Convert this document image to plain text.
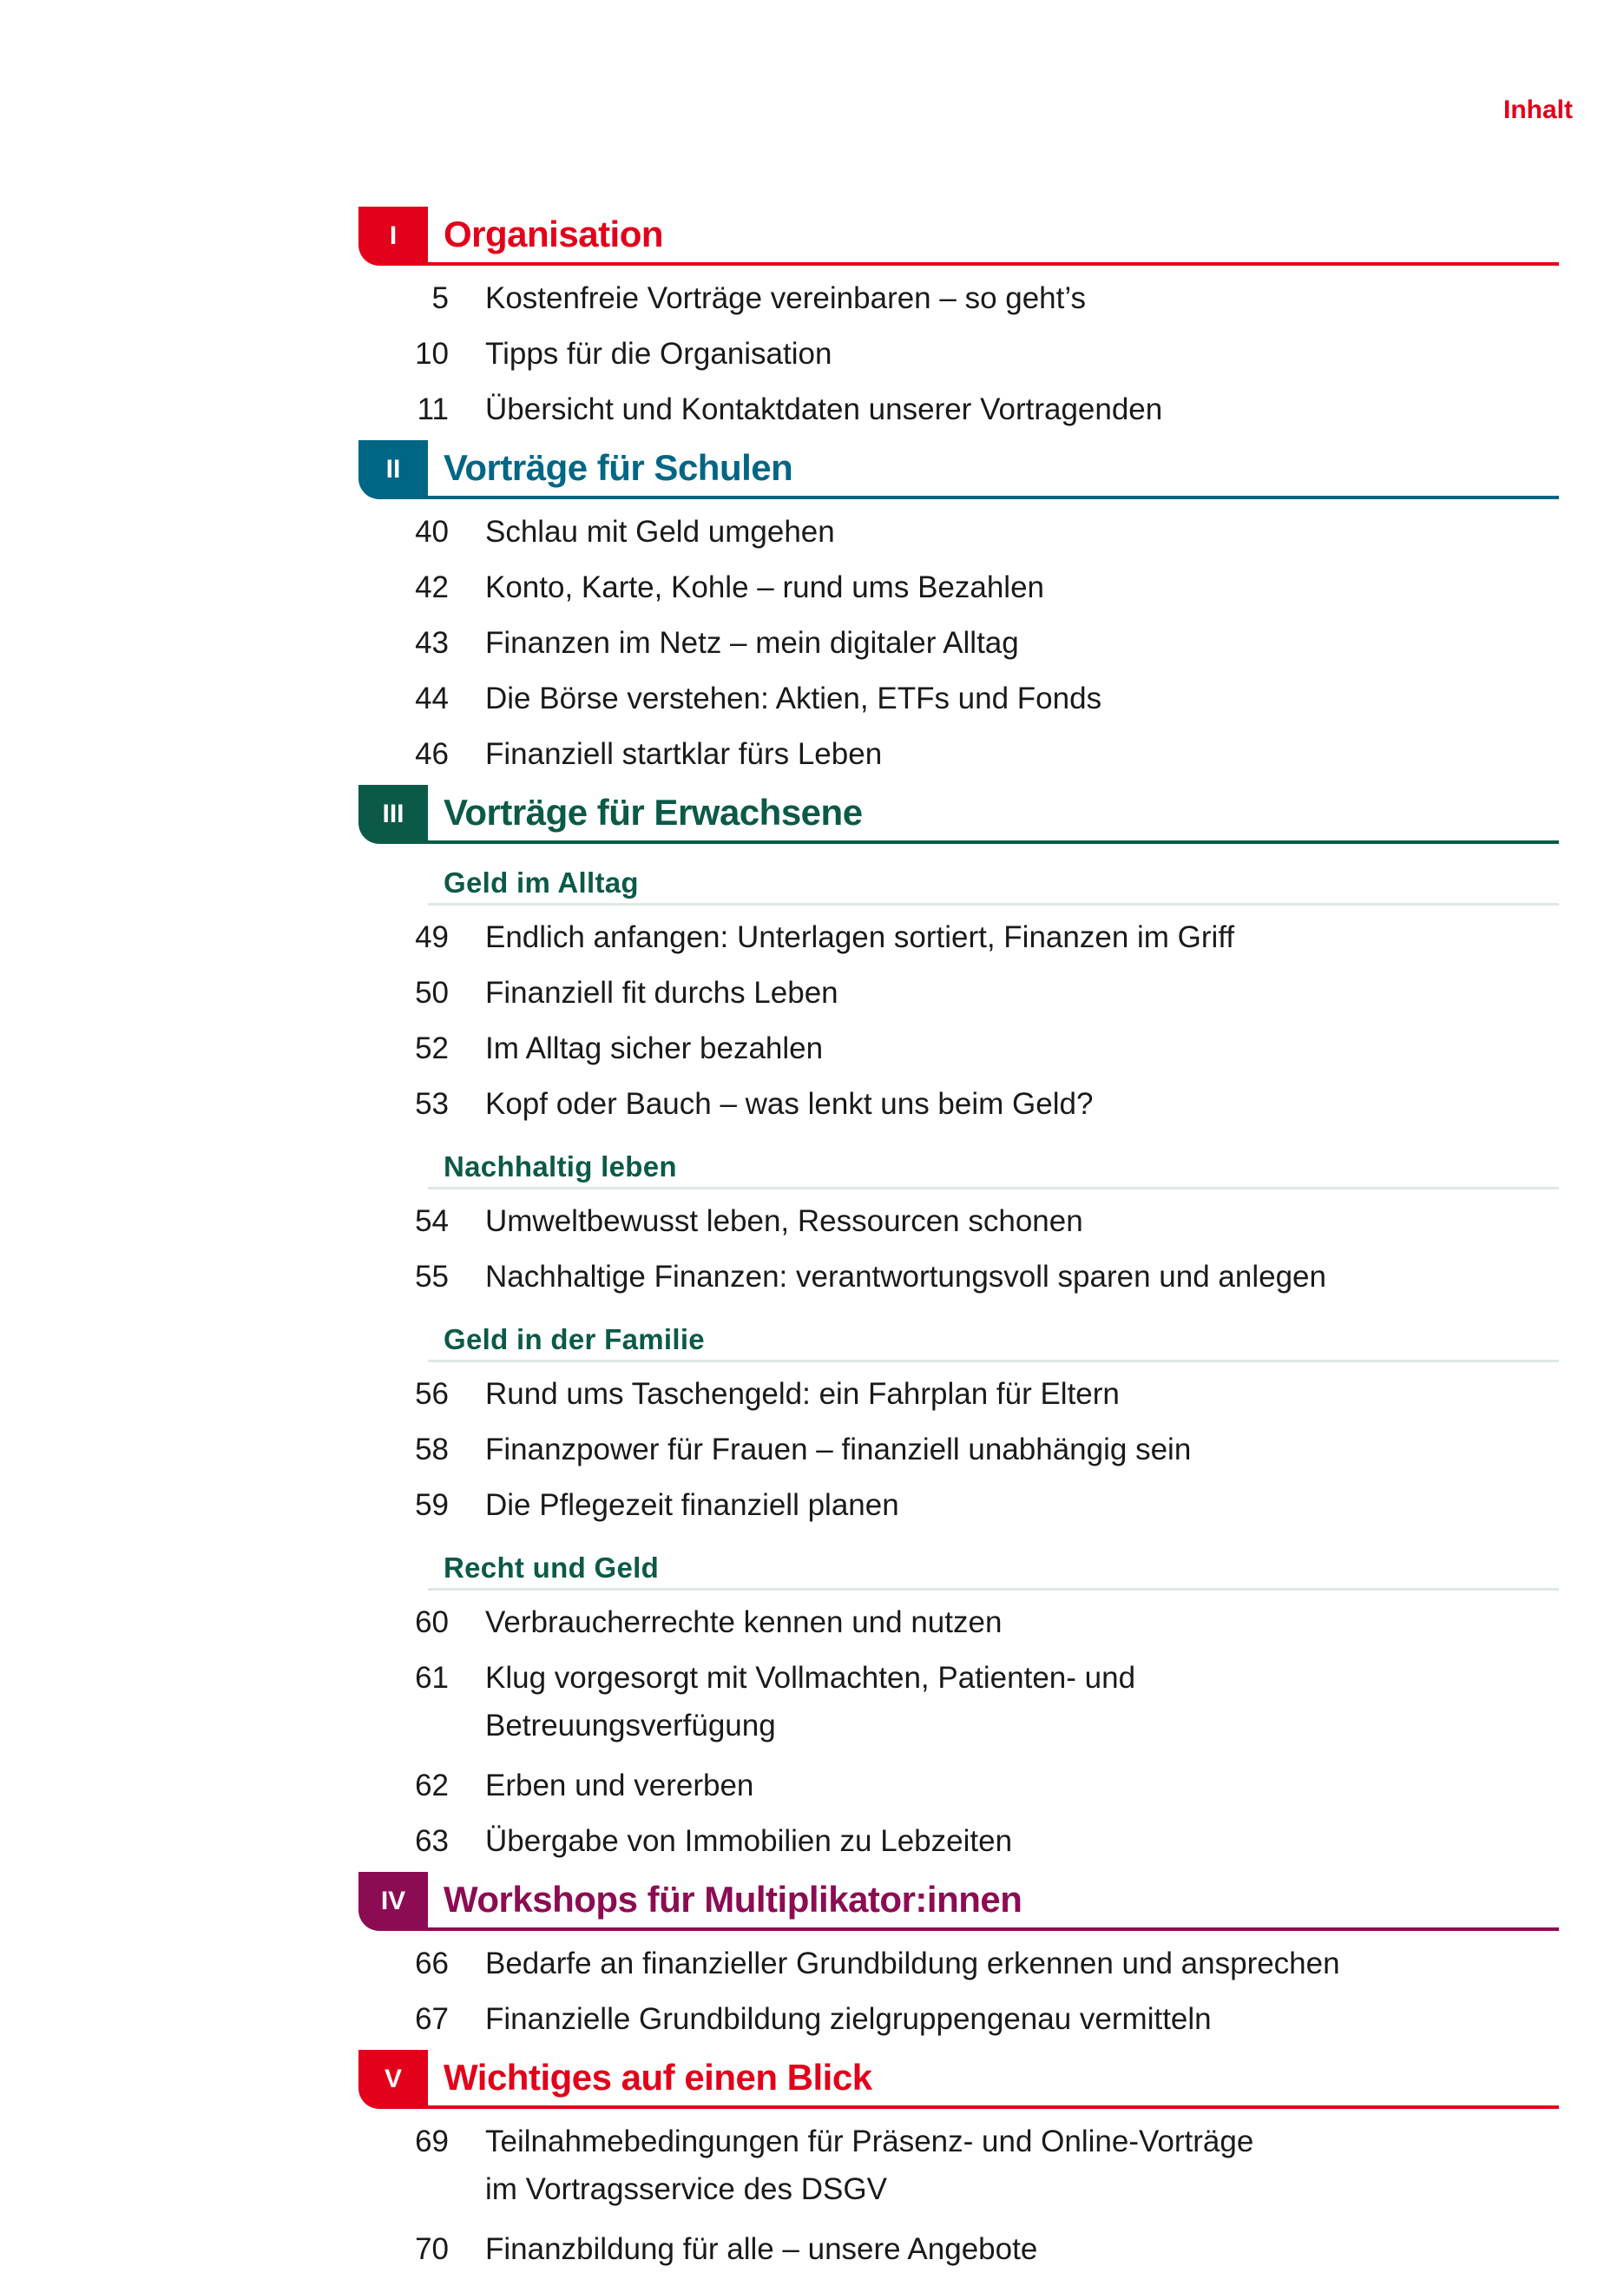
Inhalt
I	Organisation
5	Kostenfreie Vorträge vereinbaren – so geht’s
10	Tipps für die Organisation
11	Übersicht und Kontaktdaten unserer Vortragenden
II	Vorträge für Schulen
40	Schlau mit Geld umgehen
42	Konto, Karte, Kohle – rund ums Bezahlen
43	Finanzen im Netz – mein digitaler Alltag
44	Die Börse verstehen: Aktien, ETFs und Fonds
46	Finanziell startklar fürs Leben
III	Vorträge für Erwachsene
Geld im Alltag
49	Endlich anfangen: Unterlagen sortiert, Finanzen im Griff
50	Finanziell fit durchs Leben
52	Im Alltag sicher bezahlen
53	Kopf oder Bauch – was lenkt uns beim Geld?
Nachhaltig leben
54	Umweltbewusst leben, Ressourcen schonen
55	Nachhaltige Finanzen: verantwortungsvoll sparen und anlegen
Geld in der Familie
56	Rund ums Taschengeld: ein Fahrplan für Eltern
58	Finanzpower für Frauen – finanziell unabhängig sein
59	Die Pflegezeit finanziell planen
Recht und Geld
60	Verbraucherrechte kennen und nutzen
61	Klug vorgesorgt mit Vollmachten, Patienten- und
Betreuungsverfügung
62	Erben und vererben
63	Übergabe von Immobilien zu Lebzeiten
IV	Workshops für Multiplikator:innen
66	Bedarfe an finanzieller Grundbildung erkennen und ansprechen
67	Finanzielle Grundbildung zielgruppengenau vermitteln
V	Wichtiges auf einen Blick
69	Teilnahmebedingungen für Präsenz- und Online-Vorträge
im Vortragsservice des DSGV
70	Finanzbildung für alle – unsere Angebote
